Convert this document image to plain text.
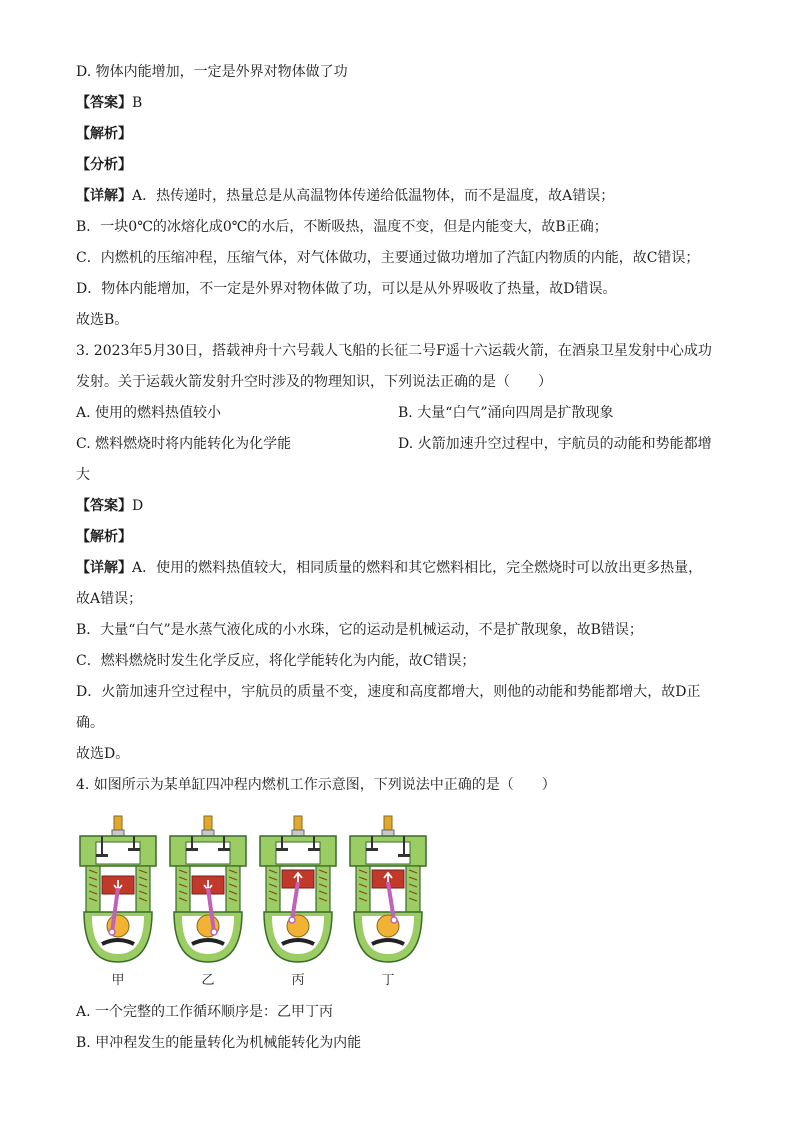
D. 物体内能增加，一定是外界对物体做了功
【答案】B
【解析】
【分析】
【详解】A．热传递时，热量总是从高温物体传递给低温物体，而不是温度，故A错误；
B．一块0℃的冰熔化成0℃的水后，不断吸热，温度不变，但是内能变大，故B正确；
C．内燃机的压缩冲程，压缩气体，对气体做功，主要通过做功增加了汽缸内物质的内能，故C错误；
D．物体内能增加，不一定是外界对物体做了功，可以是从外界吸收了热量，故D错误。
故选B。
3. 2023年5月30日，搭载神舟十六号载人飞船的长征二号F遥十六运载火箭，在酒泉卫星发射中心成功
发射。关于运载火箭发射升空时涉及的物理知识，下列说法正确的是（　　）
A. 使用的燃料热值较小	B. 大量“白气”涌向四周是扩散现象
C. 燃料燃烧时将内能转化为化学能	D. 火箭加速升空过程中，宇航员的动能和势能都增
大
【答案】D
【解析】
【详解】A．使用的燃料热值较大，相同质量的燃料和其它燃料相比，完全燃烧时可以放出更多热量，
故A错误；
B．大量“白气”是水蒸气液化成的小水珠，它的运动是机械运动，不是扩散现象，故B错误；
C．燃料燃烧时发生化学反应，将化学能转化为内能，故C错误；
D．火箭加速升空过程中，宇航员的质量不变，速度和高度都增大，则他的动能和势能都增大，故D正
确。
故选D。
4. 如图所示为某单缸四冲程内燃机工作示意图，下列说法中正确的是（　　）
甲	乙	丙	丁
A. 一个完整的工作循环顺序是：乙甲丁丙
B. 甲冲程发生的能量转化为机械能转化为内能
